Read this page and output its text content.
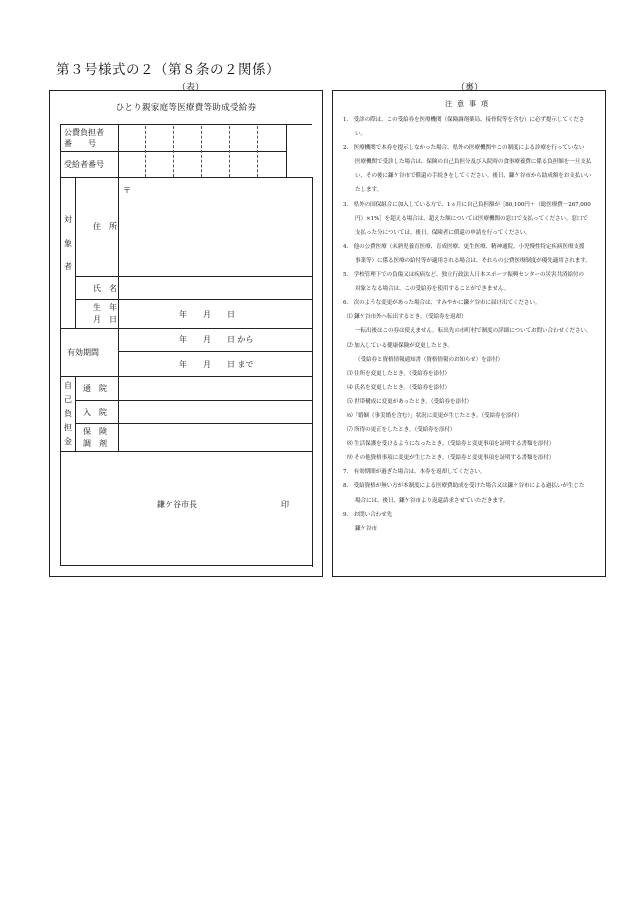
第３号様式の２（第８条の２関係）
（表）	（裏）
ひとり親家庭等医療費等助成受給券
公費負担者
番　　号
受給者番号
対
象
者
住　所
〒
氏　名
生　年
月　日
年　　月　　日
有効期間
年　　月　　日 から
年　　月　　日 まで
自
己
負
担
金
通　院
入　院
保　険
調　剤
鎌ケ谷市長	印
注意事項
1.　受診の際は、この受給券を医療機関（保険調剤薬局、接骨院等を含む）に必ず提示してくださ
い。
2.　医療機関で本券を提示しなかった場合、県外の医療機関やこの制度による診療を行っていない
医療機関で受診した場合は、保険の自己負担分及び入院時の食事療養費に係る負担額を一旦支払
い、その後に鎌ケ谷市で償還の手続きをしてください。後日、鎌ケ谷市から助成額をお支払いい
たします。
3.　県外の国保組合に加入している方で、1ヵ月に自己負担額が［80,100円＋（総医療費－267,000
円）×1%］を超える場合は、超えた額については医療機関の窓口で支払ってください。窓口で
支払った分については、後日、保険者に償還の申請を行ってください。
4.　他の公費医療（未熟児養育医療、育成医療、更生医療、精神通院、小児慢性特定疾病医療支援
事業等）に係る医療の給付等が適用される場合は、それらの公費医療制度が優先適用されます。
5.　学校管理下での負傷又は疾病など、独立行政法人日本スポーツ振興センターの災害共済給付の
対象となる場合は、この受給券を使用することができません。
6.　次のような変更があった場合は、すみやかに鎌ケ谷市に届け出てください。
⑴ 鎌ケ谷市外へ転出するとき。（受給券を返却）
一転出後はこの券は使えません。転出先の市町村で制度の詳細についてお問い合わせください。
⑵ 加入している健康保険が変更したとき。
（受給券と資格情報通知書（資格情報のお知らせ）を添付）
⑶ 住所を変更したとき。（受給券を添付）
⑷ 氏名を変更したとき。（受給券を添付）
⑸ 世帯構成に変更があったとき。（受給券を添付）
⑹「婚姻（事実婚を含む）」状況に変更が生じたとき。（受給券を添付）
⑺ 所得の更正をしたとき。（受給券を添付）
⑻ 生活保護を受けるようになったとき。（受給券と変更事項を証明する書類を添付）
⑼ その他資格事項に変更が生じたとき。（受給券と変更事項を証明する書類を添付）
7.　有効期間が過ぎた場合は、本券を返却してください。
8.　受給資格が無い方が本制度による医療費助成を受けた場合又は鎌ケ谷市による過払いが生じた
場合には、後日、鎌ケ谷市より返還請求させていただきます。
9.　お問い合わせ先
鎌ケ谷市
